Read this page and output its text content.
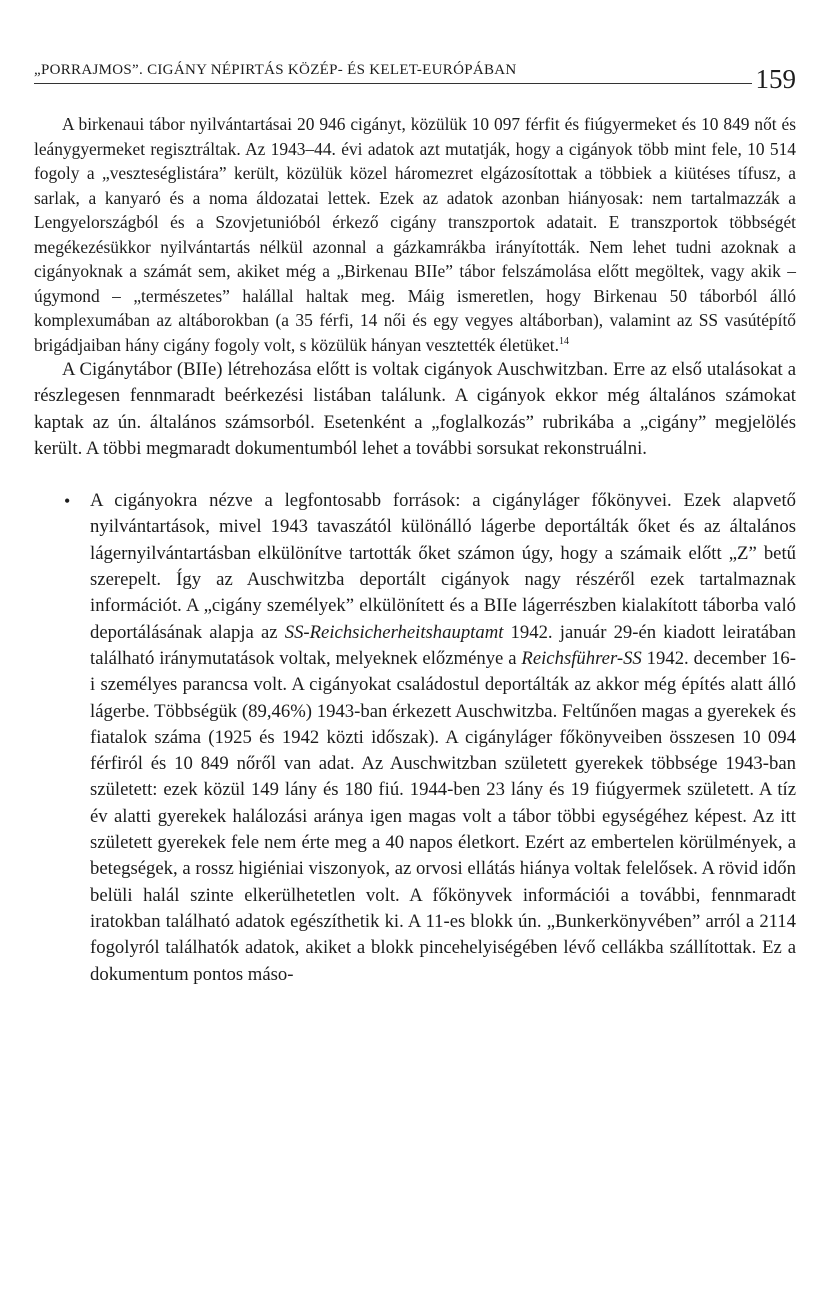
„PORRAJMOS”. CIGÁNY NÉPIRTÁS KÖZÉP- ÉS KELET-EURÓPÁBAN	159

A birkenaui tábor nyilvántartásai 20 946 cigányt, közülük 10 097 férfit és fiúgyermeket és 10 849 nőt és leánygyermeket regisztráltak. Az 1943–44. évi adatok azt mutatják, hogy a cigányok több mint fele, 10 514 fogoly a „veszteséglistára” került, közülük közel háromezret elgázosítottak a többiek a kiütéses tífusz, a sarlak, a kanyaró és a noma áldozatai lettek. Ezek az adatok azonban hiányosak: nem tartalmazzák a Lengyelországból és a Szovjetunióból érkező cigány transzportok adatait. E transzportok többségét megékezésükkor nyilvántartás nélkül azonnal a gázkamrákba irányították. Nem lehet tudni azoknak a cigányoknak a számát sem, akiket még a „Birkenau BIIe” tábor felszámolása előtt megöltek, vagy akik – úgymond – „természetes” halállal haltak meg. Máig ismeretlen, hogy Birkenau 50 táborból álló komplexumában az altáborokban (a 35 férfi, 14 női és egy vegyes altáborban), valamint az SS vasútépítő brigádjaiban hány cigány fogoly volt, s közülük hányan vesztették életüket.$^{14}$

A Cigánytábor (BIIe) létrehozása előtt is voltak cigányok Auschwitzban. Erre az első utalásokat a részlegesen fennmaradt beérkezési listában találunk. A cigányok ekkor még általános számokat kaptak az ún. általános számsorból. Esetenként a „foglalkozás” rubrikába a „cigány” megjelölés került. A többi megmaradt dokumentumból lehet a további sorsukat rekonstruálni.

• A cigányokra nézve a legfontosabb források: a cigányláger főkönyvei. Ezek alapvető nyilvántartások, mivel 1943 tavaszától különálló lágerbe deportálták őket és az általános lágernyilvántartásban elkülönítve tartották őket számon úgy, hogy a számaik előtt „Z” betű szerepelt. Így az Auschwitzba deportált cigányok nagy részéről ezek tartalmaznak információt. A „cigány személyek” elkülönített és a BIIe lágerrészben kialakított táborba való deportálásának alapja az SS-Reichsicherheitshauptamt 1942. január 29-én kiadott leiratában található iránymutatások voltak, melyeknek előzménye a Reichsführer-SS 1942. december 16-i személyes parancsa volt. A cigányokat családostul deportálták az akkor még építés alatt álló lágerbe. Többségük (89,46%) 1943-ban érkezett Auschwitzba. Feltűnően magas a gyerekek és fiatalok száma (1925 és 1942 közti időszak). A cigányláger főkönyveiben összesen 10 094 férfiról és 10 849 nőről van adat. Az Auschwitzban született gyerekek többsége 1943-ban született: ezek közül 149 lány és 180 fiú. 1944-ben 23 lány és 19 fiúgyermek született. A tíz év alatti gyerekek halálozási aránya igen magas volt a tábor többi egységéhez képest. Az itt született gyerekek fele nem érte meg a 40 napos életkort. Ezért az embertelen körülmények, a betegségek, a rossz higiéniai viszonyok, az orvosi ellátás hiánya voltak felelősek. A rövid időn belüli halál szinte elkerülhetetlen volt. A főkönyvek információi a további, fennmaradt iratokban található adatok egészíthetik ki. A 11-es blokk ún. „Bunkerkönyvében” arról a 2114 fogolyról találhatók adatok, akiket a blokk pincehelyiségében lévő cellákba szállítottak. Ez a dokumentum pontos máso-
